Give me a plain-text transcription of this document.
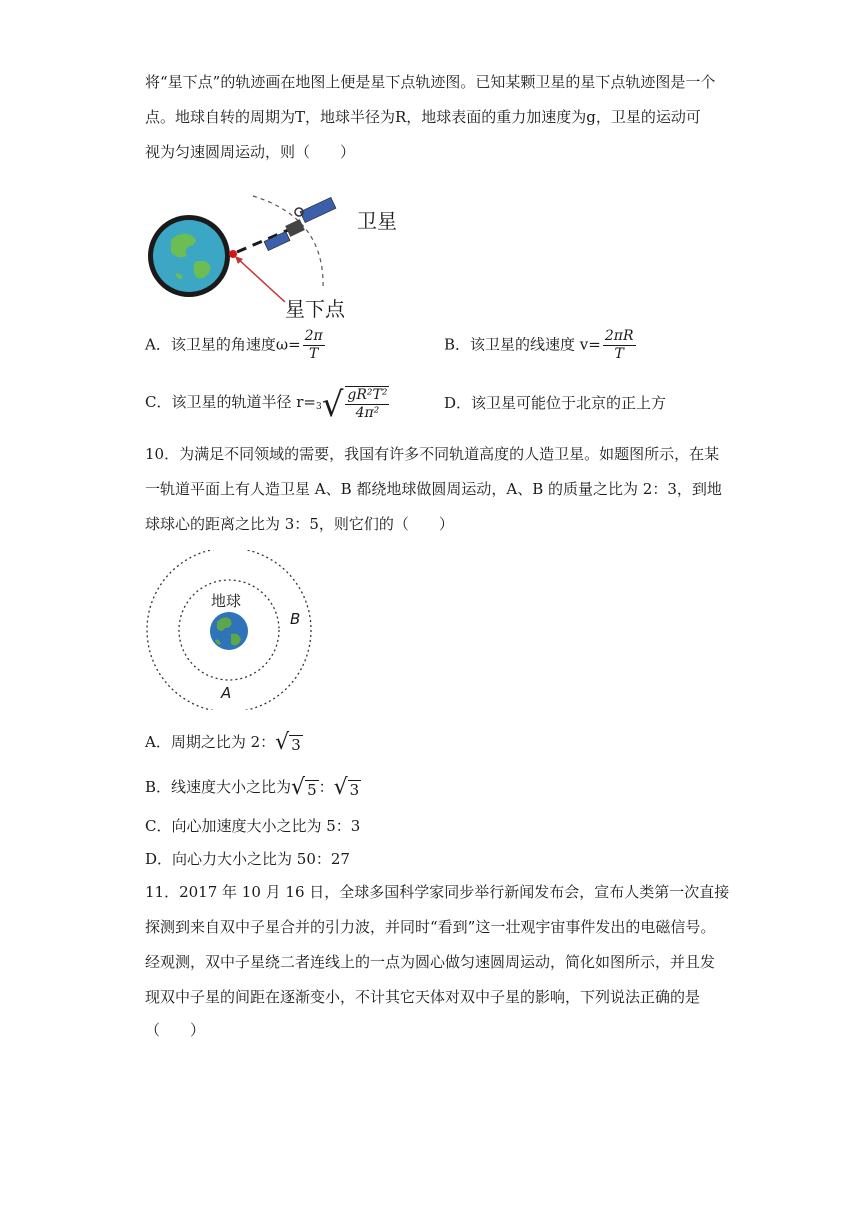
将“星下点”的轨迹画在地图上便是星下点轨迹图。已知某颗卫星的星下点轨迹图是一个
点。地球自转的周期为T，地球半径为R，地球表面的重力加速度为g，卫星的运动可
视为匀速圆周运动，则（　　）
卫星
星下点
A．该卫星的角速度$\omega= \frac{2\pi}{T}$	B．该卫星的线速度 $v= \frac{2\pi R}{T}$
C．该卫星的轨道半径 r=3 √ $\frac{\text{gR²T²}}{\text{4π²}}$	D．该卫星可能位于北京的正上方
10．为满足不同领域的需要，我国有许多不同轨道高度的人造卫星。如题图所示，在某
一轨道平面上有人造卫星 A、B 都绕地球做圆周运动，A、B 的质量之比为 2：3，到地
球球心的距离之比为 3：5，则它们的（　　）
地球
B
A
A．周期之比为 2： √ 3
B．线速度大小之比为 √ 5 ： √ 3
C．向心加速度大小之比为 5：3
D．向心力大小之比为 50：27
11．2017 年 10 月 16 日，全球多国科学家同步举行新闻发布会，宣布人类第一次直接
探测到来自双中子星合并的引力波，并同时“看到”这一壮观宇宙事件发出的电磁信号。
经观测，双中子星绕二者连线上的一点为圆心做匀速圆周运动，简化如图所示，并且发
现双中子星的间距在逐渐变小，不计其它天体对双中子星的影响，下列说法正确的是
（　　）
